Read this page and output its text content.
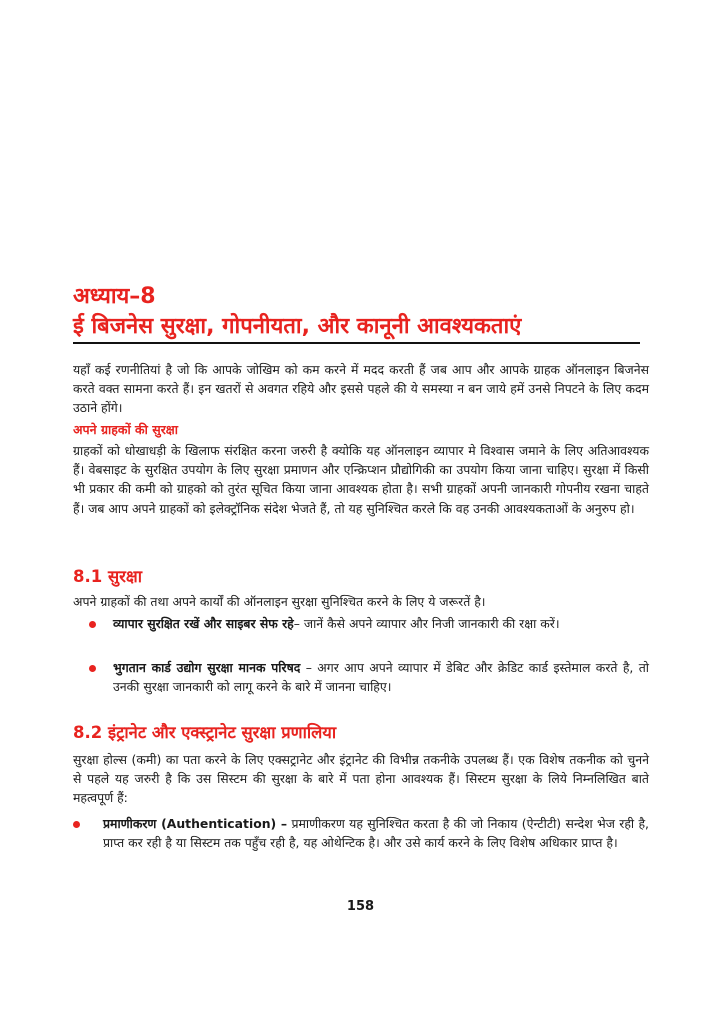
अध्याय–8
ई बिजनेस सुरक्षा, गोपनीयता, और कानूनी आवश्यकताएं

यहाँ कई रणनीतियां है जो कि आपके जोखिम को कम करने में मदद करती हैं जब आप और आपके ग्राहक ऑनलाइन बिजनेस करते वक्त सामना करते हैं। इन खतरों से अवगत रहिये और इससे पहले की ये समस्या न बन जाये हमें उनसे निपटने के लिए कदम उठाने होंगे।

अपने ग्राहकों की सुरक्षा

ग्राहकों को धोखाधड़ी के खिलाफ संरक्षित करना जरुरी है क्योकि यह ऑनलाइन व्यापार मे विश्वास जमाने के लिए अतिआवश्यक हैं। वेबसाइट के सुरक्षित उपयोग के लिए सुरक्षा प्रमाणन और एन्क्रिप्शन प्रौद्योगिकी का उपयोग किया जाना चाहिए। सुरक्षा में किसी भी प्रकार की कमी को ग्राहको को तुरंत सूचित किया जाना आवश्यक होता है। सभी ग्राहकों अपनी जानकारी गोपनीय रखना चाहते हैं। जब आप अपने ग्राहकों को इलेक्ट्रॉनिक संदेश भेजते हैं, तो यह सुनिश्चित करले कि वह उनकी आवश्यकताओं के अनुरुप हो।

8.1 सुरक्षा

अपने ग्राहकों की तथा अपने कार्यों की ऑनलाइन सुरक्षा सुनिश्चित करने के लिए ये जरूरतें है।

व्यापार सुरक्षित रखें और साइबर सेफ रहे– जानें कैसे अपने व्यापार और निजी जानकारी की रक्षा करें।

भुगतान कार्ड उद्योग सुरक्षा मानक परिषद – अगर आप अपने व्यापार में डेबिट और क्रेडिट कार्ड इस्तेमाल करते है, तो उनकी सुरक्षा जानकारी को लागू करने के बारे में जानना चाहिए।

8.2 इंट्रानेट और एक्स्ट्रानेट सुरक्षा प्रणालिया

सुरक्षा होल्स (कमी) का पता करने के लिए एक्सट्रानेट और इंट्रानेट की विभीन्न तकनीके उपलब्ध हैं। एक विशेष तकनीक को चुनने से पहले यह जरुरी है कि उस सिस्टम की सुरक्षा के बारे में पता होना आवश्यक हैं। सिस्टम सुरक्षा के लिये निम्नलिखित बाते महत्वपूर्ण हैं:

प्रमाणीकरण (Authentication) – प्रमाणीकरण यह सुनिश्चित करता है की जो निकाय (ऐन्टीटी) सन्देश भेज रही है, प्राप्त कर रही है या सिस्टम तक पहुँच रही है, यह ओथेन्टिक है। और उसे कार्य करने के लिए विशेष अधिकार प्राप्त है।

158
